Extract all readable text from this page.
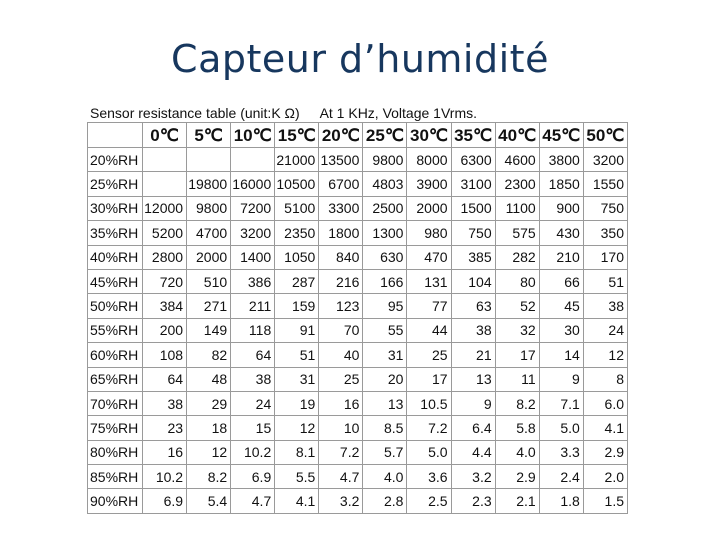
Capteur d’humidité
Sensor resistance table (unit:K Ω) At 1 KHz, Voltage 1Vrms.
	0℃	5℃	10℃	15℃	20℃	25℃	30℃	35℃	40℃	45℃	50℃
20%RH				21000	13500	9800	8000	6300	4600	3800	3200
25%RH		19800	16000	10500	6700	4803	3900	3100	2300	1850	1550
30%RH	12000	9800	7200	5100	3300	2500	2000	1500	1100	900	750
35%RH	5200	4700	3200	2350	1800	1300	980	750	575	430	350
40%RH	2800	2000	1400	1050	840	630	470	385	282	210	170
45%RH	720	510	386	287	216	166	131	104	80	66	51
50%RH	384	271	211	159	123	95	77	63	52	45	38
55%RH	200	149	118	91	70	55	44	38	32	30	24
60%RH	108	82	64	51	40	31	25	21	17	14	12
65%RH	64	48	38	31	25	20	17	13	11	9	8
70%RH	38	29	24	19	16	13	10.5	9	8.2	7.1	6.0
75%RH	23	18	15	12	10	8.5	7.2	6.4	5.8	5.0	4.1
80%RH	16	12	10.2	8.1	7.2	5.7	5.0	4.4	4.0	3.3	2.9
85%RH	10.2	8.2	6.9	5.5	4.7	4.0	3.6	3.2	2.9	2.4	2.0
90%RH	6.9	5.4	4.7	4.1	3.2	2.8	2.5	2.3	2.1	1.8	1.5
